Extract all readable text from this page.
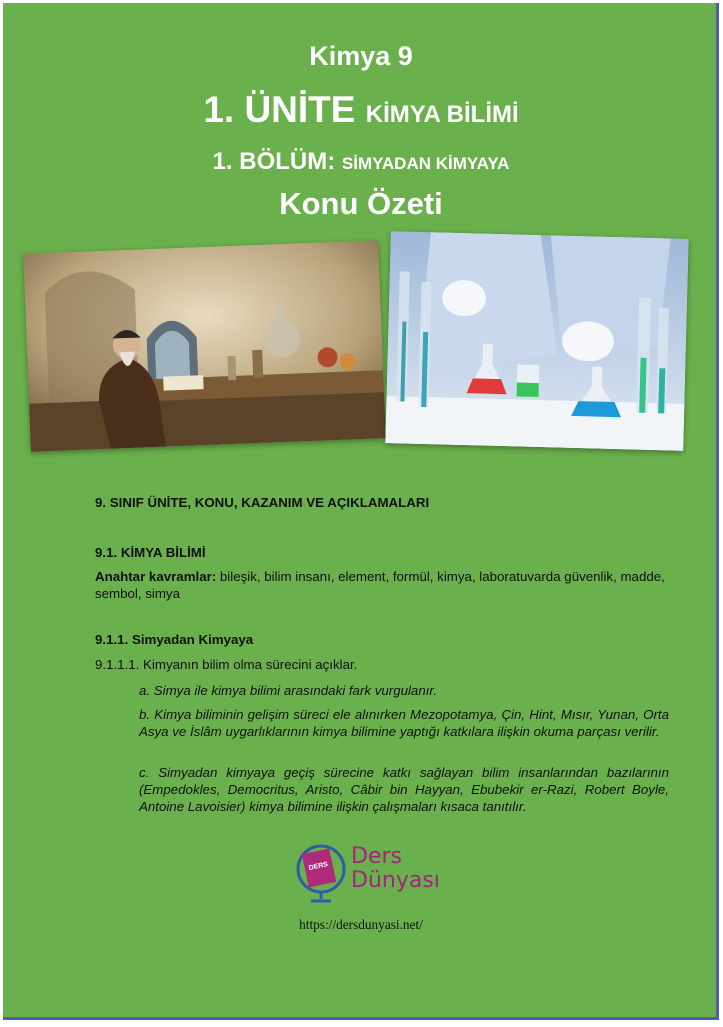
Kimya 9
1. ÜNİTE KİMYA BİLİMİ
1. BÖLÜM: SİMYADAN KİMYAYA
Konu Özeti
9. SINIF ÜNİTE, KONU, KAZANIM VE AÇIKLAMALARI
9.1. KİMYA BİLİMİ
Anahtar kavramlar: bileşik, bilim insanı, element, formül, kimya, laboratuvarda güvenlik, madde, sembol, simya
9.1.1. Simyadan Kimyaya
9.1.1.1. Kimyanın bilim olma sürecini açıklar.
a. Simya ile kimya bilimi arasındaki fark vurgulanır.
b. Kimya biliminin gelişim süreci ele alınırken Mezopotamya, Çin, Hint, Mısır, Yunan, Orta Asya ve İslâm uygarlıklarının kimya bilimine yaptığı katkılara ilişkin okuma parçası verilir.
c. Simyadan kimyaya geçiş sürecine katkı sağlayan bilim insanlarından bazılarının (Empedokles, Democritus, Aristo, Câbir bin Hayyan, Ebubekir er-Razi, Robert Boyle, Antoine Lavoisier) kimya bilimine ilişkin çalışmaları kısaca tanıtılır.
DERS Ders
Dünyası
https://dersdunyasi.net/
